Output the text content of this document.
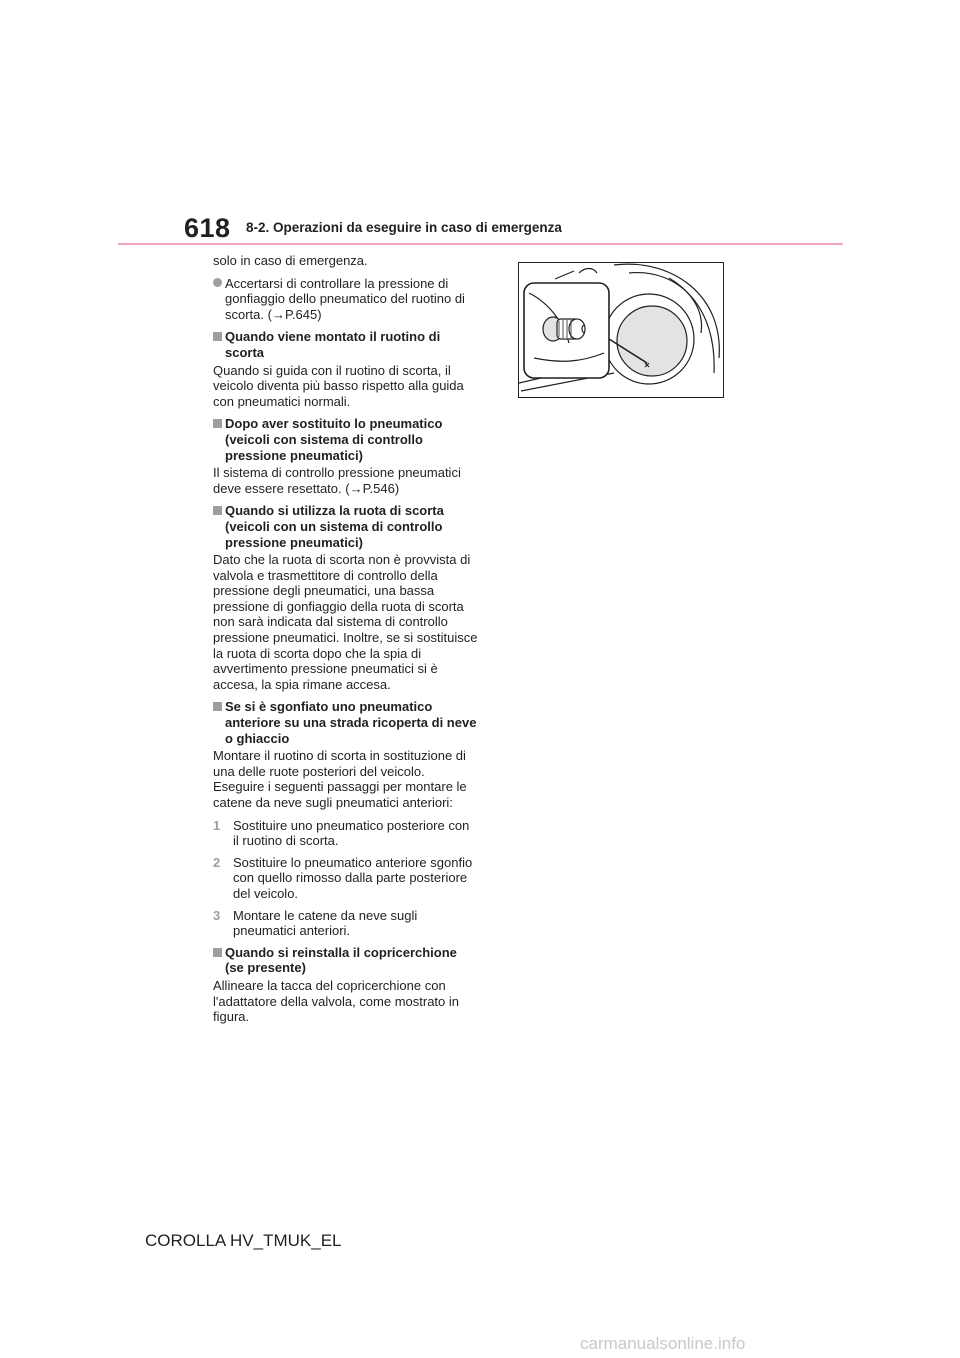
618 8-2. Operazioni da eseguire in caso di emergenza

solo in caso di emergenza.

Accertarsi di controllare la pressione di gonfiaggio dello pneumatico del ruotino di scorta. (→P.645)

Quando viene montato il ruotino di scorta

Quando si guida con il ruotino di scorta, il veicolo diventa più basso rispetto alla guida con pneumatici normali.

Dopo aver sostituito lo pneumatico (veicoli con sistema di controllo pressione pneumatici)

Il sistema di controllo pressione pneumatici deve essere resettato. (→P.546)

Quando si utilizza la ruota di scorta (veicoli con un sistema di controllo pressione pneumatici)

Dato che la ruota di scorta non è provvista di valvola e trasmettitore di controllo della pressione degli pneumatici, una bassa pressione di gonfiaggio della ruota di scorta non sarà indicata dal sistema di controllo pressione pneumatici. Inoltre, se si sostituisce la ruota di scorta dopo che la spia di avvertimento pressione pneumatici si è accesa, la spia rimane accesa.

Se si è sgonfiato uno pneumatico anteriore su una strada ricoperta di neve o ghiaccio

Montare il ruotino di scorta in sostituzione di una delle ruote posteriori del veicolo. Eseguire i seguenti passaggi per montare le catene da neve sugli pneumatici anteriori:

1 Sostituire uno pneumatico posteriore con il ruotino di scorta.

2 Sostituire lo pneumatico anteriore sgonfio con quello rimosso dalla parte posteriore del veicolo.

3 Montare le catene da neve sugli pneumatici anteriori.

Quando si reinstalla il copricerchione (se presente)

Allineare la tacca del copricerchione con l'adattatore della valvola, come mostrato in figura.

COROLLA HV_TMUK_EL
carmanualsonline.info
